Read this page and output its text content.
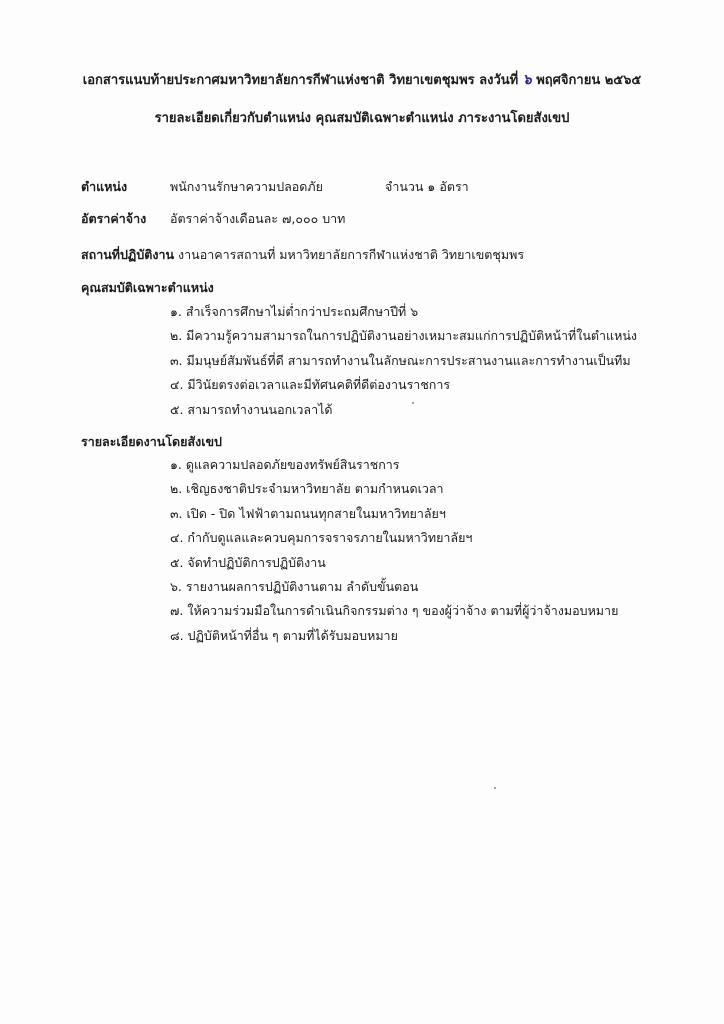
เอกสารแนบท้ายประกาศมหาวิทยาลัยการกีฬาแห่งชาติ วิทยาเขตชุมพร ลงวันที่ ๖ พฤศจิกายน ๒๕๖๕
รายละเอียดเกี่ยวกับตำแหน่ง คุณสมบัติเฉพาะตำแหน่ง ภาระงานโดยสังเขป
ตำแหน่ง	พนักงานรักษาความปลอดภัย	จำนวน ๑ อัตรา
อัตราค่าจ้าง อัตราค่าจ้างเดือนละ ๗,๐๐๐ บาท
สถานที่ปฏิบัติงาน งานอาคารสถานที่ มหาวิทยาลัยการกีฬาแห่งชาติ วิทยาเขตชุมพร
คุณสมบัติเฉพาะตำแหน่ง
๑. สำเร็จการศึกษาไม่ต่ำกว่าประถมศึกษาปีที่ ๖
๒. มีความรู้ความสามารถในการปฏิบัติงานอย่างเหมาะสมแก่การปฏิบัติหน้าที่ในตำแหน่ง
๓. มีมนุษย์สัมพันธ์ที่ดี สามารถทำงานในลักษณะการประสานงานและการทำงานเป็นทีม
๔. มีวินัยตรงต่อเวลาและมีทัศนคติที่ดีต่องานราชการ
๕. สามารถทำงานนอกเวลาได้
รายละเอียดงานโดยสังเขป
๑. ดูแลความปลอดภัยของทรัพย์สินราชการ
๒. เชิญธงชาติประจำมหาวิทยาลัย ตามกำหนดเวลา
๓. เปิด - ปิด ไฟฟ้าตามถนนทุกสายในมหาวิทยาลัยฯ
๔. กำกับดูแลและควบคุมการจราจรภายในมหาวิทยาลัยฯ
๕. จัดทำปฏิบัติการปฏิบัติงาน
๖. รายงานผลการปฏิบัติงานตาม ลำดับขั้นตอน
๗. ให้ความร่วมมือในการดำเนินกิจกรรมต่าง ๆ ของผู้ว่าจ้าง ตามที่ผู้ว่าจ้างมอบหมาย
๘. ปฏิบัติหน้าที่อื่น ๆ ตามที่ได้รับมอบหมาย
